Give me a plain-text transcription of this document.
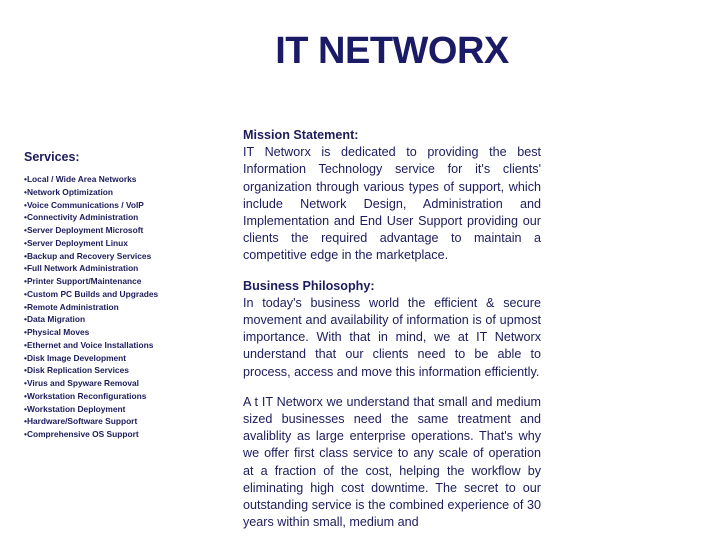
IT NETWORX
Services:
• Local / Wide Area Networks
• Network Optimization
• Voice Communications / VoIP
• Connectivity Administration
• Server Deployment Microsoft
• Server Deployment Linux
• Backup and Recovery Services
• Full Network Administration
• Printer Support/Maintenance
• Custom PC Builds and Upgrades
• Remote Administration
• Data Migration
• Physical Moves
• Ethernet and Voice Installations
• Disk Image Development
• Disk Replication Services
• Virus and Spyware Removal
• Workstation Reconfigurations
• Workstation Deployment
• Hardware/Software Support
• Comprehensive OS Support
Mission Statement:

IT Networx is dedicated to providing the best Information Technology service for it's clients' organization through various types of support, which include Network Design, Administration and Implementation and End User Support providing our clients the required advantage to maintain a competitive edge in the marketplace.

Business Philosophy:

In today's business world the efficient & secure movement and availability of information is of upmost importance. With that in mind, we at IT Networx understand that our clients need to be able to process, access and move this information efficiently.

A t IT Networx we understand that small and medium sized businesses need the same treatment and avaliblity as large enterprise operations. That's why we offer first class service to any scale of operation at a fraction of the cost, helping the workflow by eliminating high cost downtime. The secret to our outstanding service is the combined experience of 30 years within small, medium and
